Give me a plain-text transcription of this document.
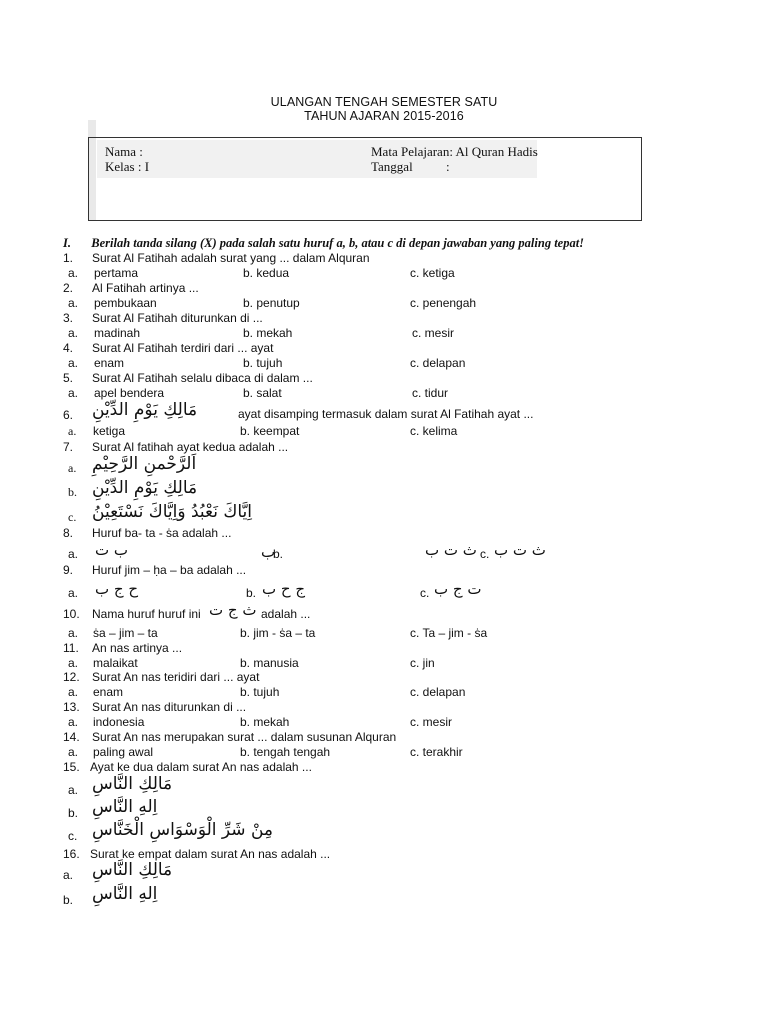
ULANGAN TENGAH SEMESTER SATU
TAHUN AJARAN 2015-2016
Nama :
Kelas : I
Mata Pelajaran: Al Quran Hadis
Tanggal	:
I. Berilah tanda silang (X) pada salah satu huruf a, b, atau c di depan jawaban yang paling tepat!
1. Surat Al Fatihah adalah surat yang ... dalam Alquran
a. pertama	b. kedua	c. ketiga
2. Al Fatihah artinya ...
a. pembukaan	b. penutup	c. penengah
3. Surat Al Fatihah diturunkan di ...
a. madinah	b. mekah	c. mesir
4. Surat Al Fatihah terdiri dari ... ayat
a. enam	b. tujuh	c. delapan
5. Surat Al Fatihah selalu dibaca di dalam ...
a. apel bendera	b. salat	c. tidur
6. مَالِكِ يَوْمِ الدِّيْنِ	ayat disamping termasuk dalam surat Al Fatihah ayat ...
a. ketiga	b. keempat	c. kelima
7. Surat Al fatihah ayat kedua adalah ...
a. اَلرَّحْمنِ الرَّحِيْمِ
b. مَالِكِ يَوْمِ الدِّيْنِ
c. اِيَّاكَ نَعْبُدُ وَاِيَّاكَ نَسْتَعِيْنُ
8. Huruf ba- ta - ṡa adalah ...
a. ب ت	ب
b.	ث ت ب c. ث ت ب
9. Huruf jim – ḥa – ba adalah ...
a. ح ج ب	b. ج ح ب	c. ت ج ب
10. Nama huruf huruf ini ث ج ت adalah ...
a. ṡa – jim – ta	b. jim - ṡa – ta	c. Ta – jim - ṡa
11. An nas artinya ...
a. malaikat	b. manusia	c. jin
12. Surat An nas teridiri dari ... ayat
a. enam	b. tujuh	c. delapan
13. Surat An nas diturunkan di ...
a. indonesia	b. mekah	c. mesir
14. Surat An nas merupakan surat ... dalam susunan Alquran
a. paling awal	b. tengah tengah	c. terakhir
15. Ayat ke dua dalam surat An nas adalah ...
a. مَالِكِ النَّاسِ
b. اِلهِ النَّاسِ
c. مِنْ شَرِّ الْوَسْوَاسِ الْخَنَّاسِ
16. Surat ke empat dalam surat An nas adalah ...
a. مَالِكِ النَّاسِ
b. اِلهِ النَّاسِ
